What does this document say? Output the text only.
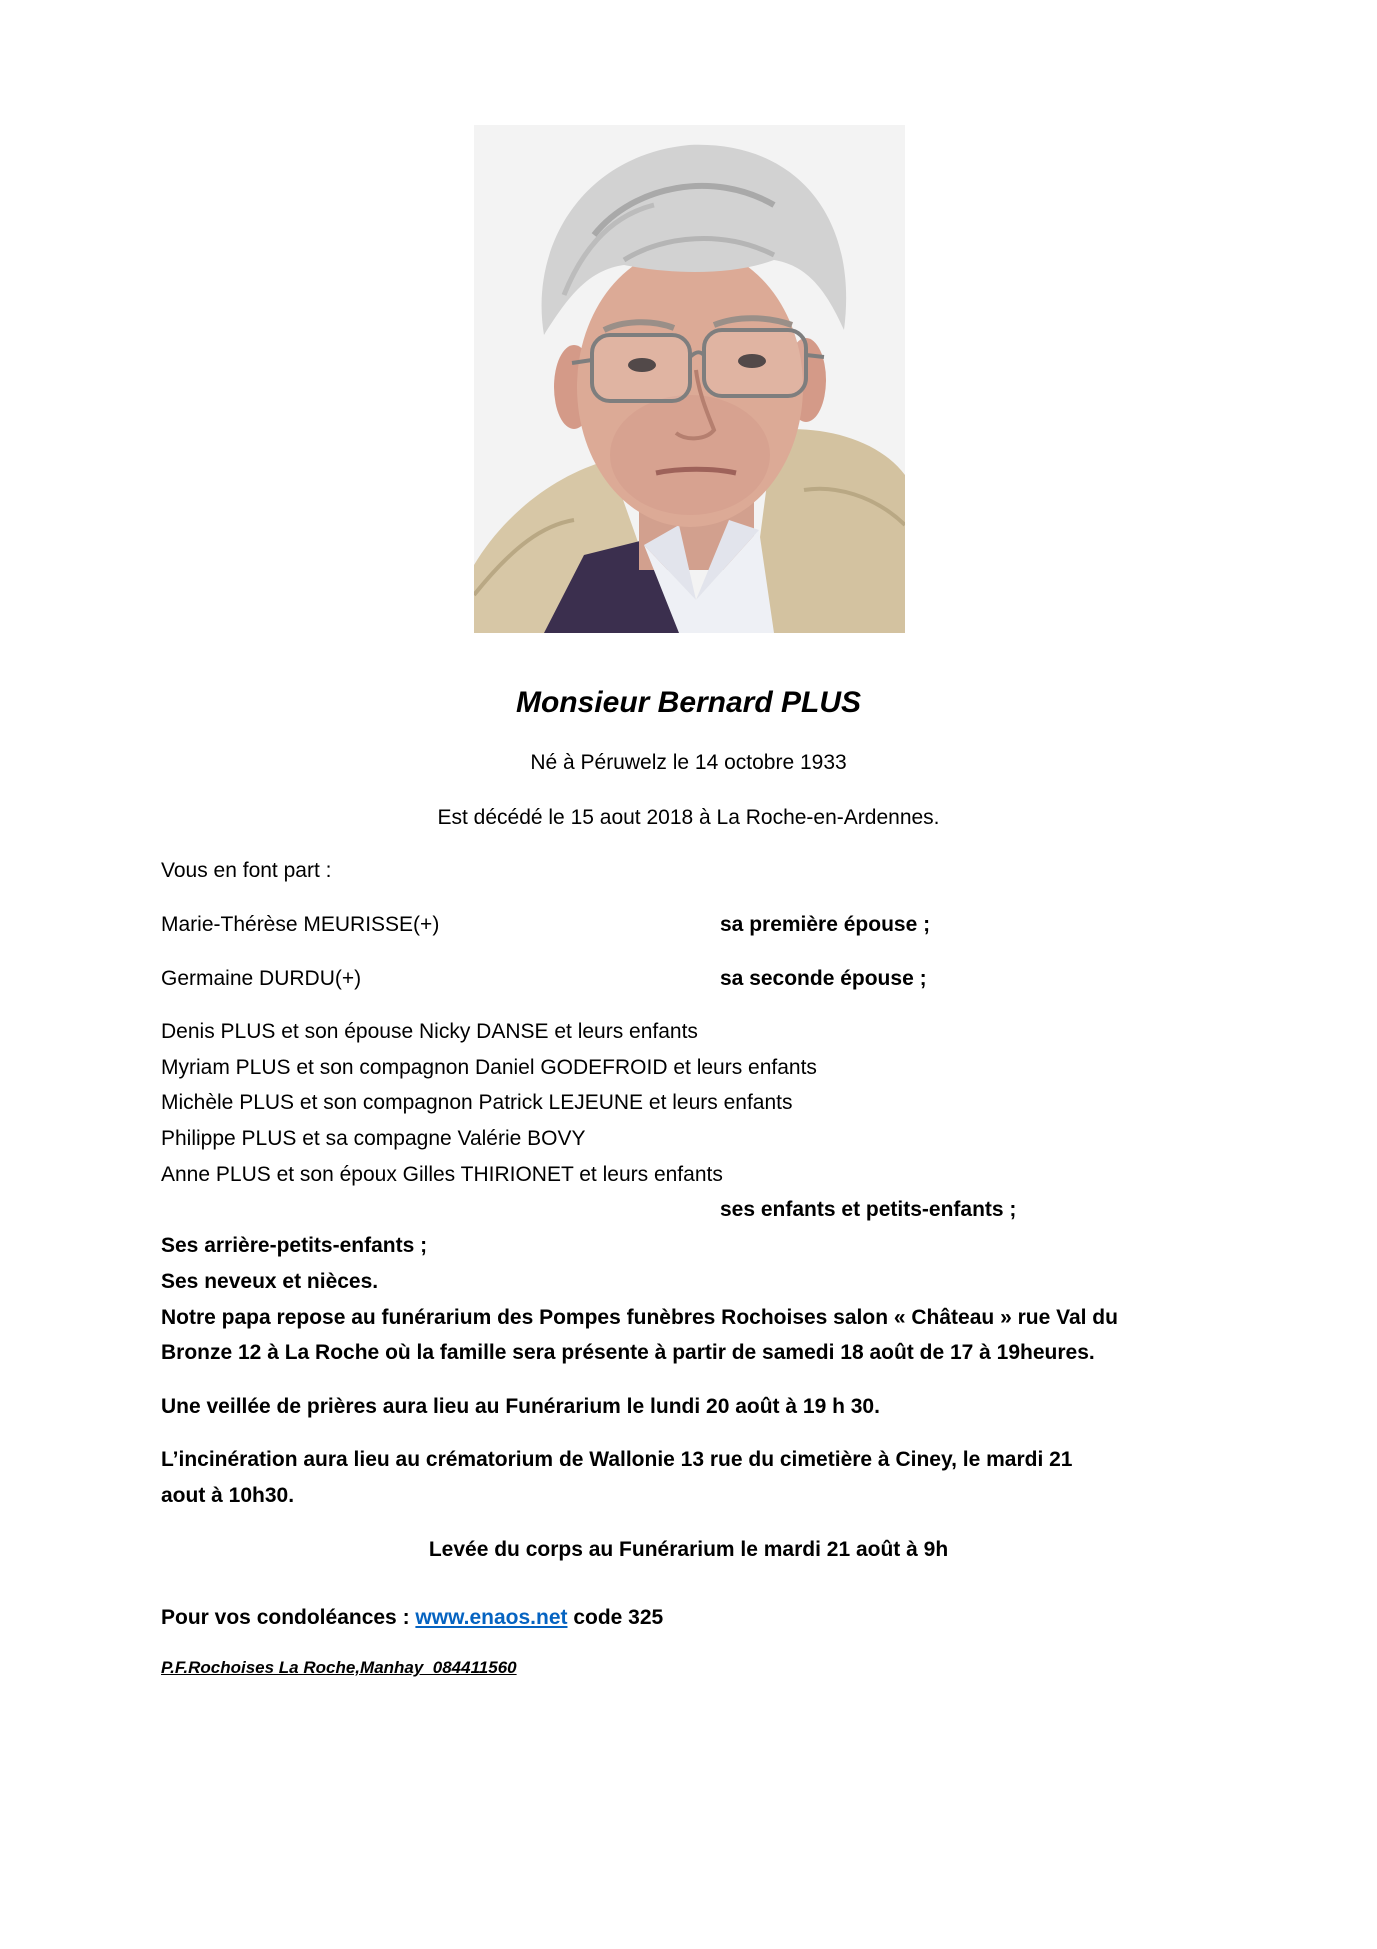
Monsieur Bernard PLUS
Né à Péruwelz le 14 octobre 1933
Est décédé le 15 aout 2018 à La Roche-en-Ardennes.
Vous en font part :
Marie-Thérèse MEURISSE(+)	sa première épouse ;
Germaine DURDU(+)	sa seconde épouse ;
Denis PLUS et son épouse Nicky DANSE et leurs enfants
Myriam PLUS et son compagnon Daniel GODEFROID et leurs enfants
Michèle PLUS et son compagnon Patrick LEJEUNE et leurs enfants
Philippe PLUS et sa compagne Valérie BOVY
Anne PLUS et son époux Gilles THIRIONET et leurs enfants
ses enfants et petits-enfants ;
Ses arrière-petits-enfants ;
Ses neveux et nièces.
Notre papa repose au funérarium des Pompes funèbres Rochoises salon « Château » rue Val du
Bronze 12 à La Roche où la famille sera présente à partir de samedi 18 août de 17 à 19heures.
Une veillée de prières aura lieu au Funérarium le lundi 20 août à 19 h 30.
L’incinération aura lieu au crématorium de Wallonie 13 rue du cimetière à Ciney, le mardi 21
aout à 10h30.
Levée du corps au Funérarium le mardi 21 août à 9h
Pour vos condoléances : www.enaos.net code 325
P.F.Rochoises La Roche,Manhay  084411560
